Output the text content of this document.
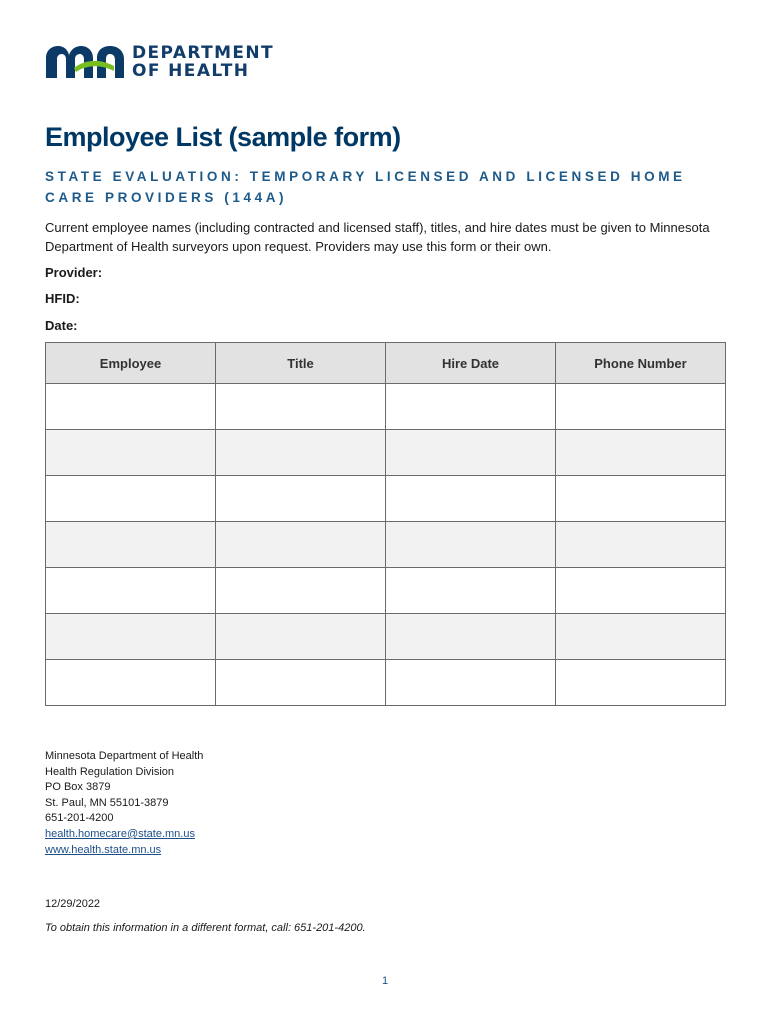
DEPARTMENT
OF HEALTH
Employee List (sample form)
STATE EVALUATION: TEMPORARY LICENSED AND LICENSED HOME CARE PROVIDERS (144A)
Current employee names (including contracted and licensed staff), titles, and hire dates must be given to Minnesota Department of Health surveyors upon request. Providers may use this form or their own.
Provider:
HFID:
Date:
Employee	Title	Hire Date	Phone Number

Minnesota Department of Health
Health Regulation Division
PO Box 3879
St. Paul, MN 55101-3879
651-201-4200
health.homecare@state.mn.us
www.health.state.mn.us
12/29/2022
To obtain this information in a different format, call: 651-201-4200.
1
